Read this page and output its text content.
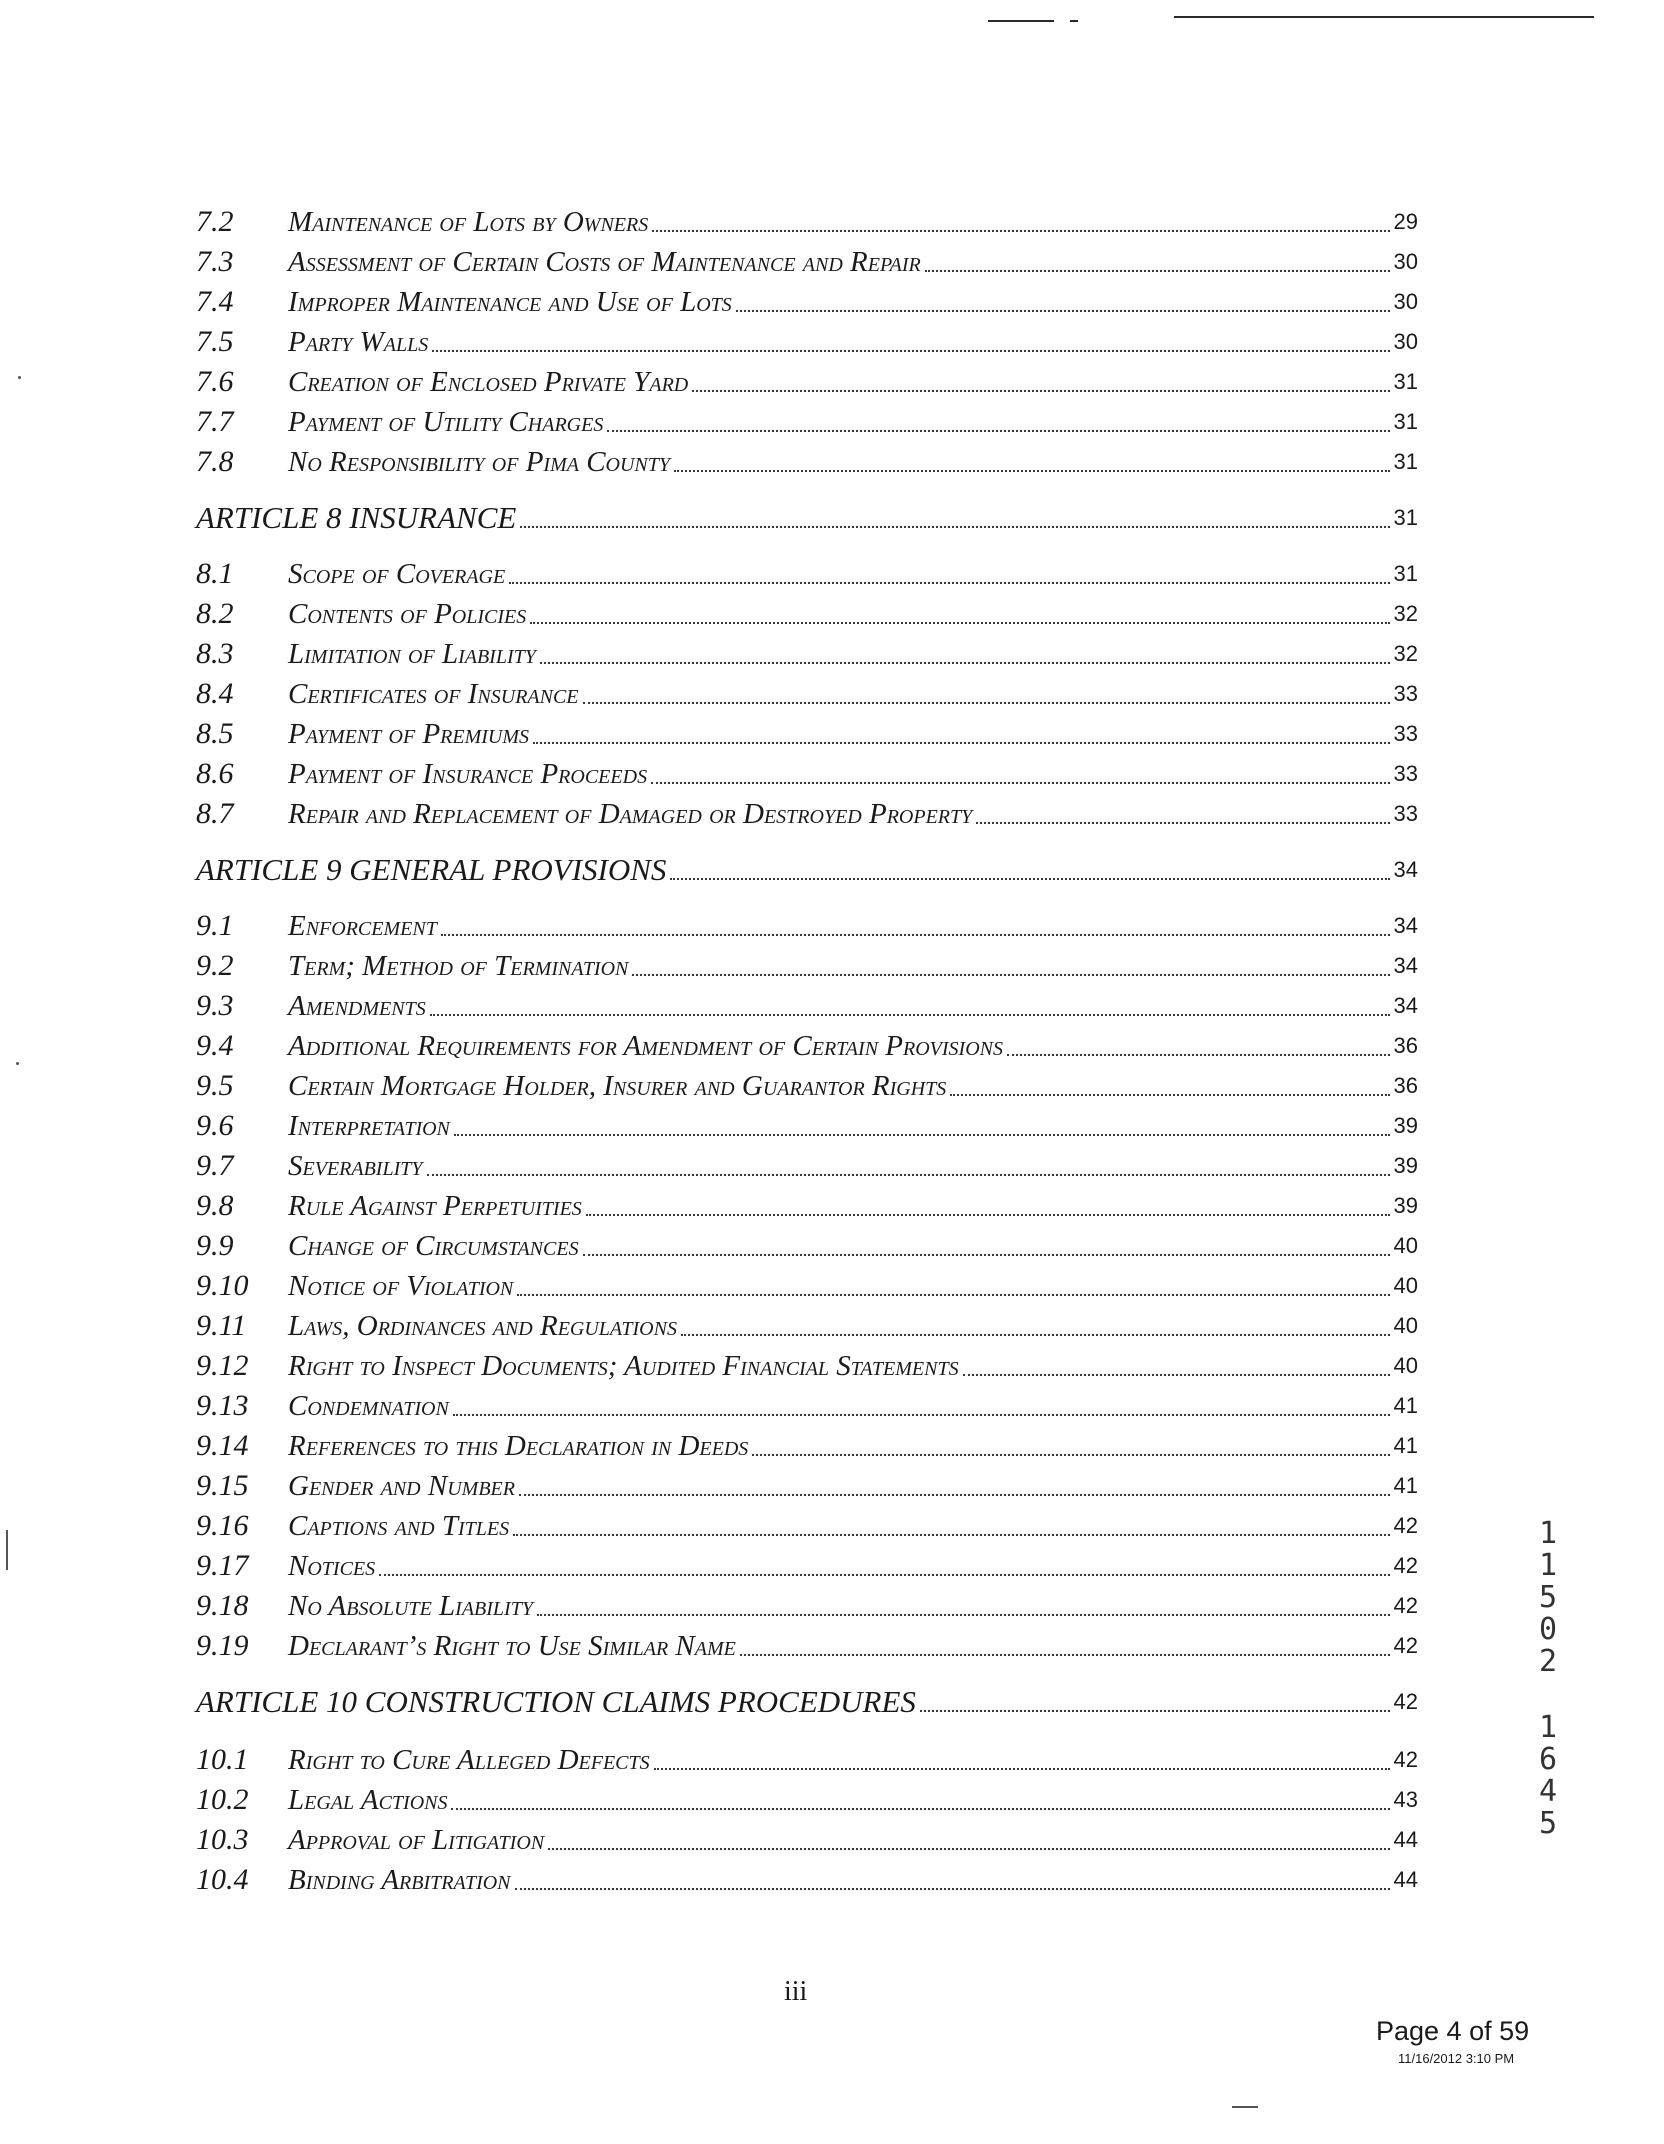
7.2	Maintenance of Lots by Owners	29
7.3	Assessment of Certain Costs of Maintenance and Repair	30
7.4	Improper Maintenance and Use of Lots	30
7.5	Party Walls	30
7.6	Creation of Enclosed Private Yard	31
7.7	Payment of Utility Charges	31
7.8	No Responsibility of Pima County	31
ARTICLE 8 INSURANCE	31
8.1	Scope of Coverage	31
8.2	Contents of Policies	32
8.3	Limitation of Liability	32
8.4	Certificates of Insurance	33
8.5	Payment of Premiums	33
8.6	Payment of Insurance Proceeds	33
8.7	Repair and Replacement of Damaged or Destroyed Property	33
ARTICLE 9 GENERAL PROVISIONS	34
9.1	Enforcement	34
9.2	Term; Method of Termination	34
9.3	Amendments	34
9.4	Additional Requirements for Amendment of Certain Provisions	36
9.5	Certain Mortgage Holder, Insurer and Guarantor Rights	36
9.6	Interpretation	39
9.7	Severability	39
9.8	Rule Against Perpetuities	39
9.9	Change of Circumstances	40
9.10	Notice of Violation	40
9.11	Laws, Ordinances and Regulations	40
9.12	Right to Inspect Documents; Audited Financial Statements	40
9.13	Condemnation	41
9.14	References to this Declaration in Deeds	41
9.15	Gender and Number	41
9.16	Captions and Titles	42
9.17	Notices	42
9.18	No Absolute Liability	42
9.19	Declarant’s Right to Use Similar Name	42
ARTICLE 10 CONSTRUCTION CLAIMS PROCEDURES	42
10.1	Right to Cure Alleged Defects	42
10.2	Legal Actions	43
10.3	Approval of Litigation	44
10.4	Binding Arbitration	44
1
1
5
0
2
1
6
4
5
iii
Page 4 of 59
11/16/2012 3:10 PM
